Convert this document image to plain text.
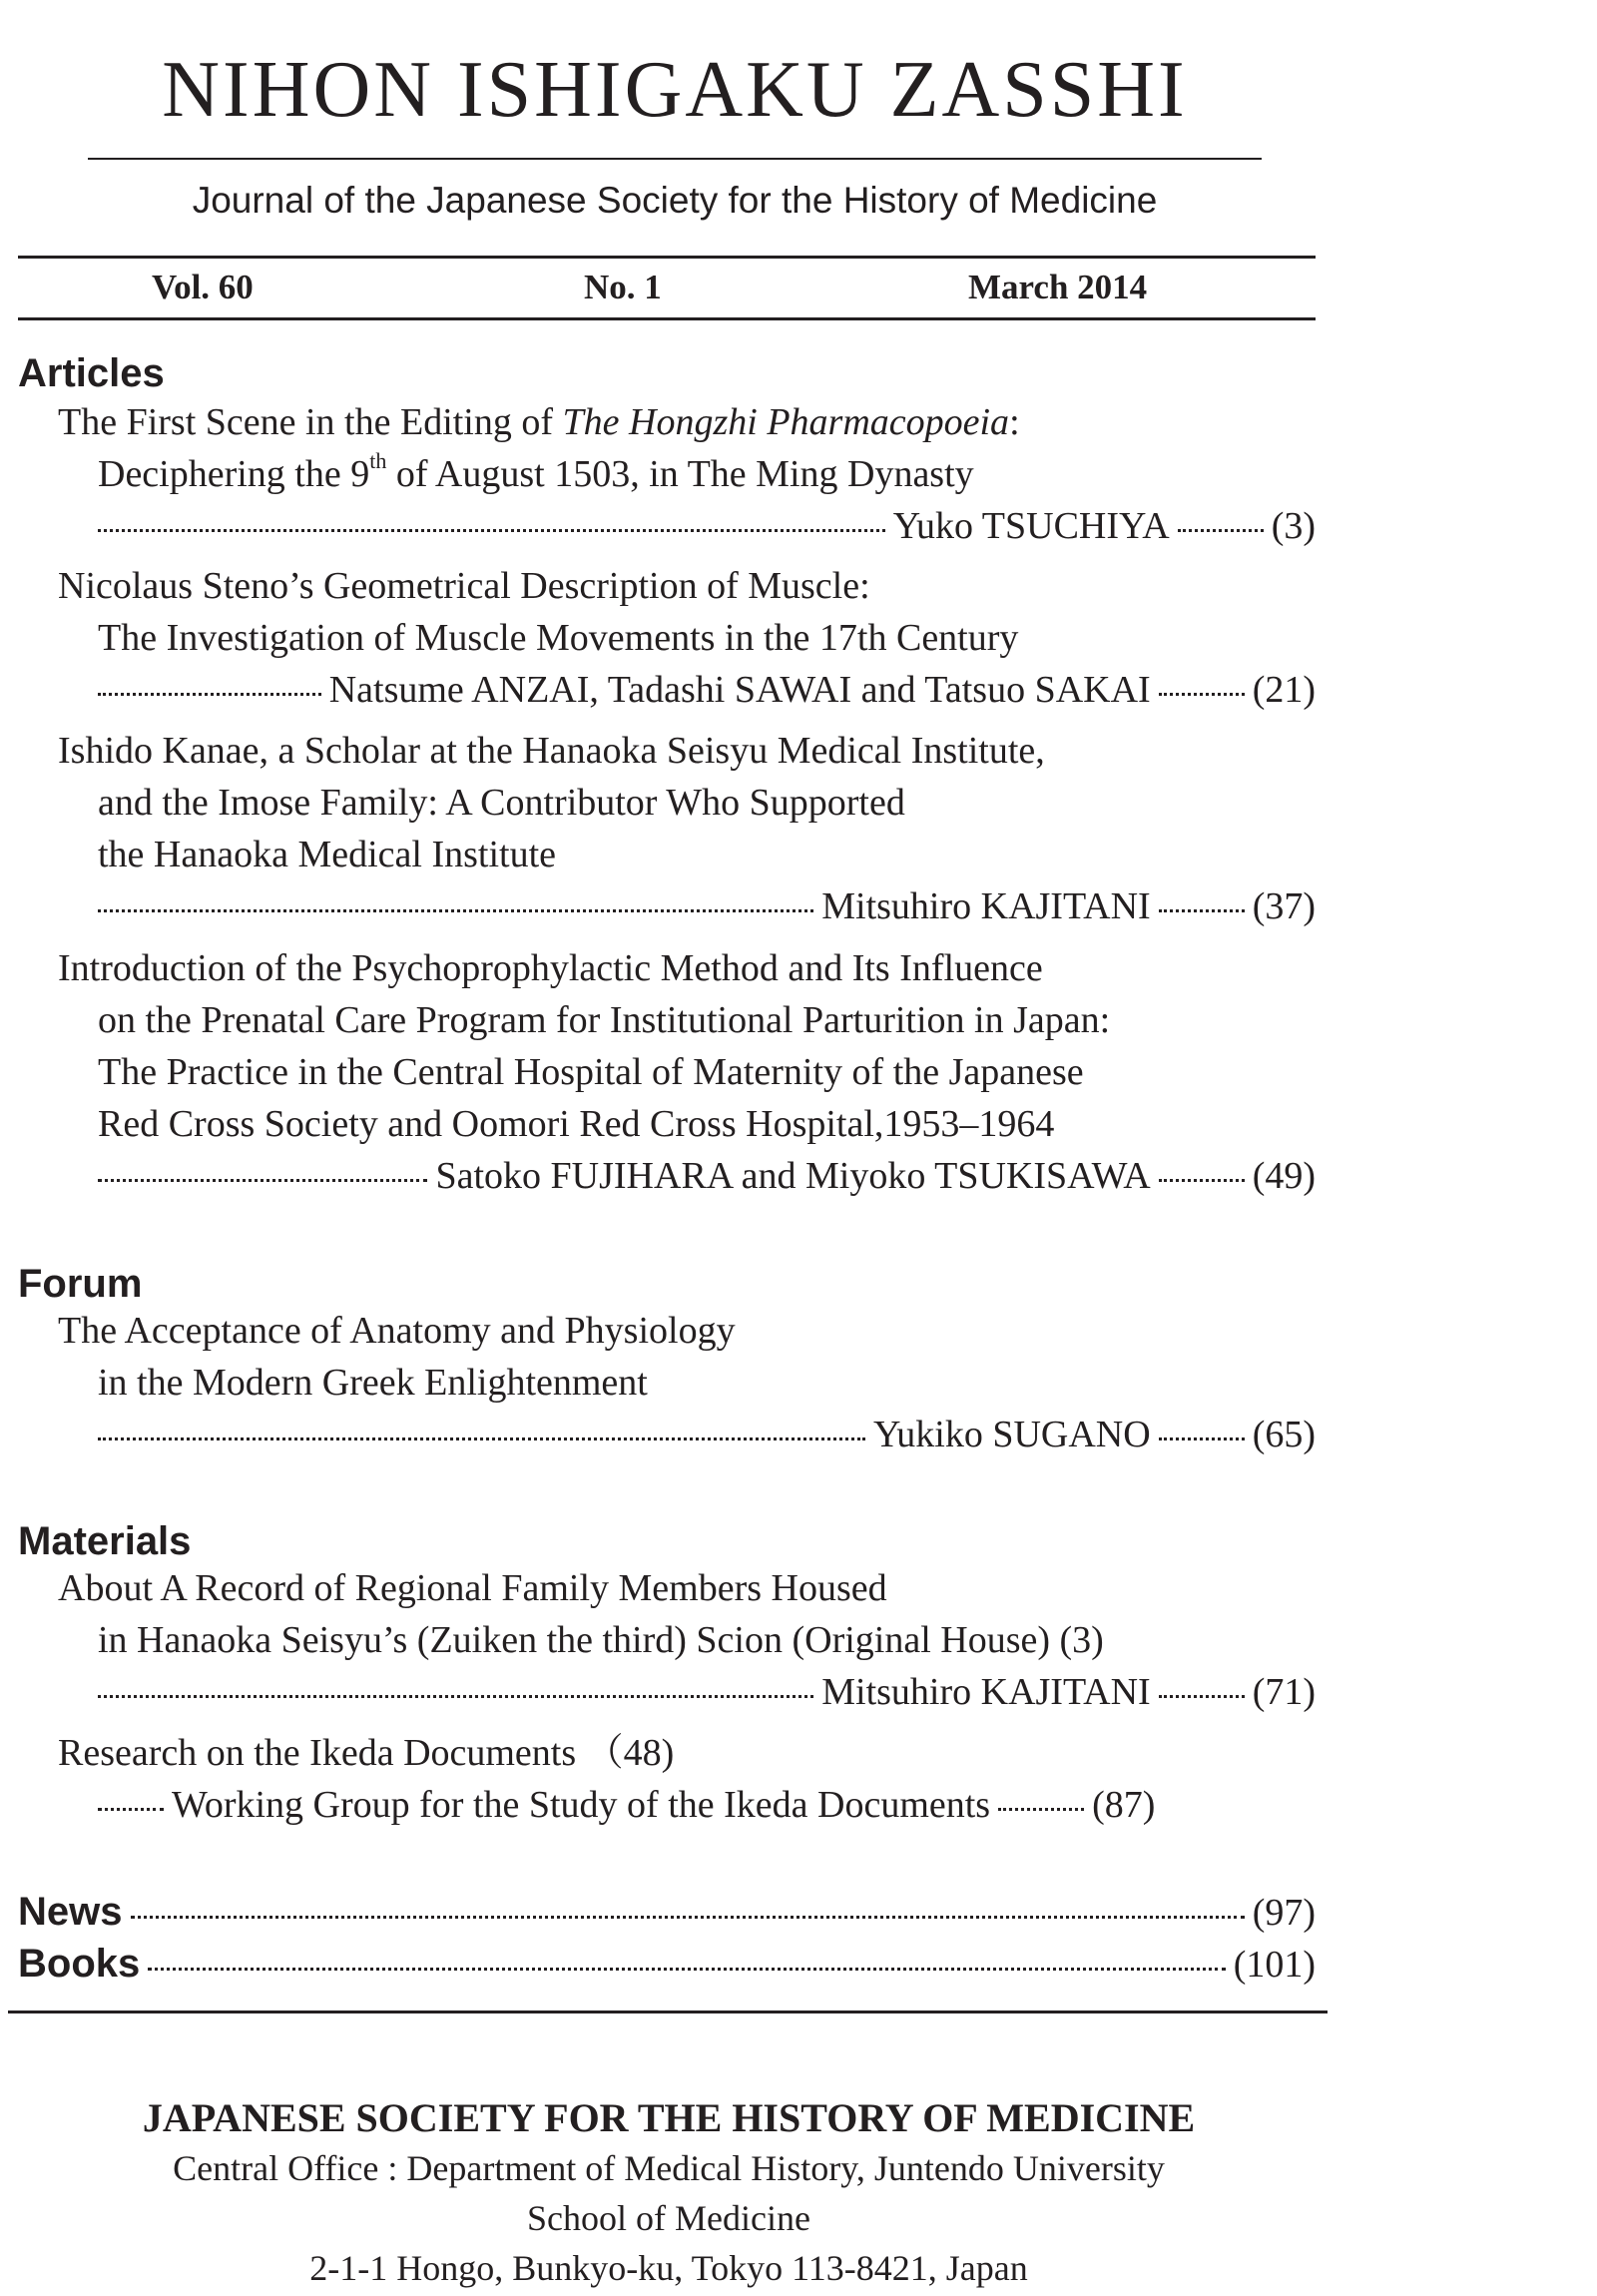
NIHON ISHIGAKU ZASSHI
Journal of the Japanese Society for the History of Medicine
Vol. 60	No. 1	March 2014
Articles
The First Scene in the Editing of The Hongzhi Pharmacopoeia:
Deciphering the 9th of August 1503, in The Ming Dynasty
Yuko TSUCHIYA	(3)
Nicolaus Steno’s Geometrical Description of Muscle:
The Investigation of Muscle Movements in the 17th Century
Natsume ANZAI, Tadashi SAWAI and Tatsuo SAKAI	(21)
Ishido Kanae, a Scholar at the Hanaoka Seisyu Medical Institute,
and the Imose Family: A Contributor Who Supported
the Hanaoka Medical Institute
Mitsuhiro KAJITANI	(37)
Introduction of the Psychoprophylactic Method and Its Influence
on the Prenatal Care Program for Institutional Parturition in Japan:
The Practice in the Central Hospital of Maternity of the Japanese
Red Cross Society and Oomori Red Cross Hospital,1953–1964
Satoko FUJIHARA and Miyoko TSUKISAWA	(49)
Forum
The Acceptance of Anatomy and Physiology
in the Modern Greek Enlightenment
Yukiko SUGANO	(65)
Materials
About A Record of Regional Family Members Housed
in Hanaoka Seisyu’s (Zuiken the third) Scion (Original House) (3)
Mitsuhiro KAJITANI	(71)
Research on the Ikeda Documents （48)
Working Group for the Study of the Ikeda Documents	(87)
News	(97)
Books	(101)
JAPANESE SOCIETY FOR THE HISTORY OF MEDICINE
Central Office : Department of Medical History, Juntendo University
School of Medicine
2-1-1 Hongo, Bunkyo-ku, Tokyo 113-8421, Japan
